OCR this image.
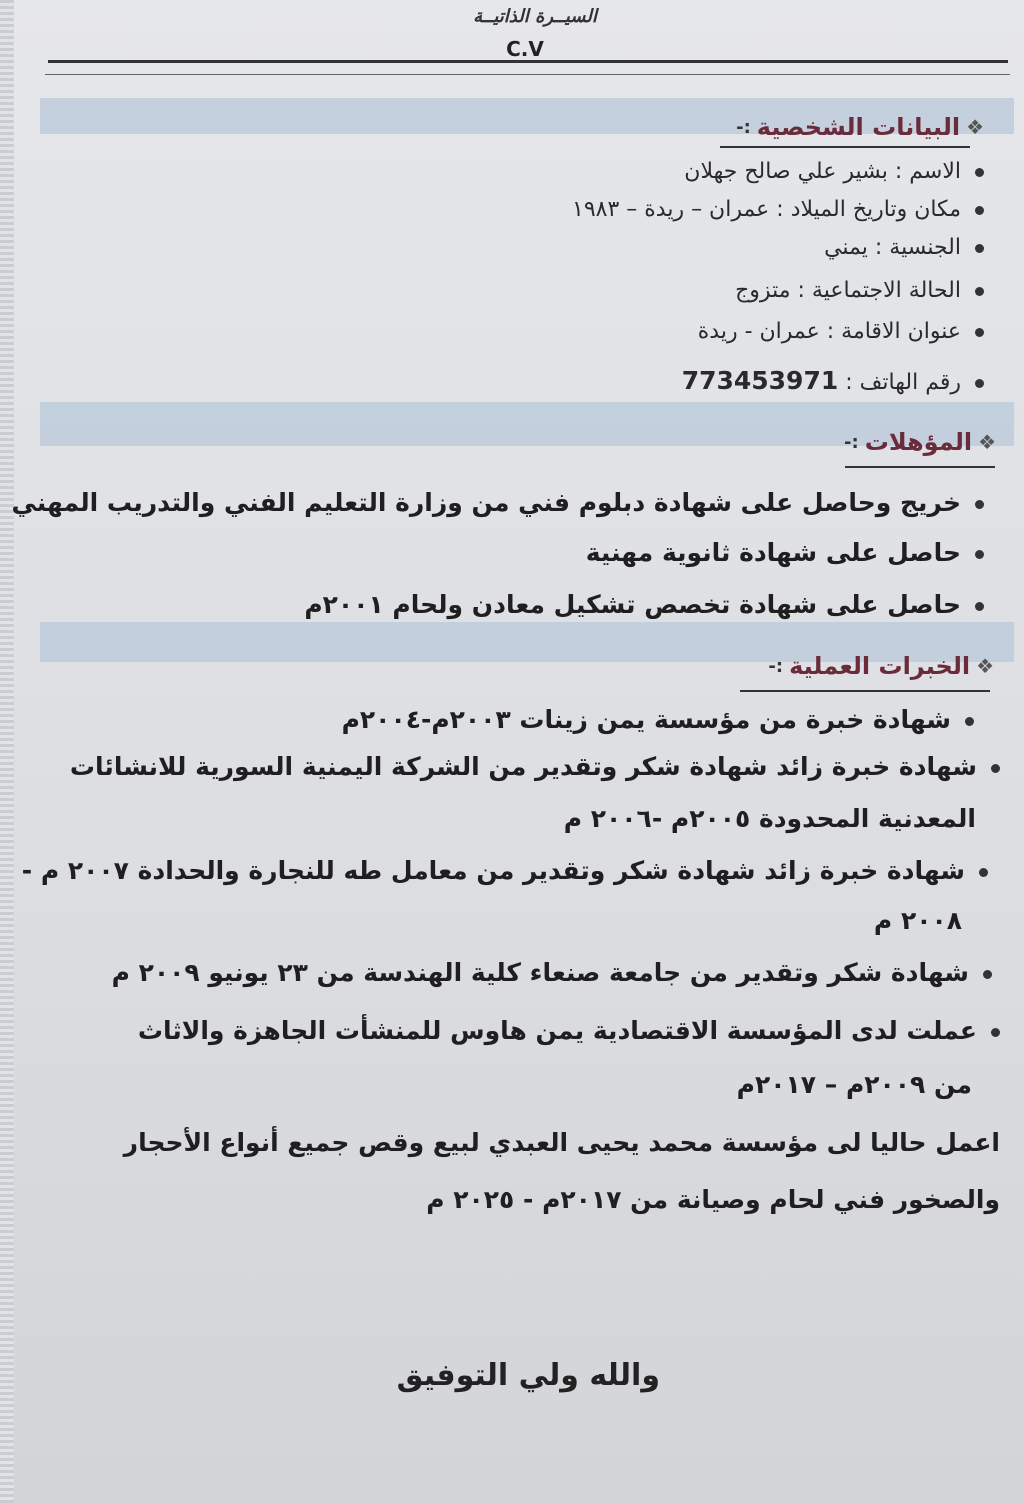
السيــرة الذاتيــة
C.V
❖
البيانات الشخصية
:-
الاسم : بشير علي صالح جهلان
مكان وتاريخ الميلاد : عمران – ريدة – ١٩٨٣
الجنسية : يمني
الحالة الاجتماعية : متزوج
عنوان الاقامة : عمران - ريدة
رقم الهاتف : 773453971
❖
المؤهلات
:-
خريج وحاصل على شهادة دبلوم فني من وزارة التعليم الفني والتدريب المهني
حاصل على شهادة ثانوية مهنية
حاصل على شهادة تخصص تشكيل معادن ولحام ٢٠٠١م
❖
الخبرات العملية
:-
شهادة خبرة من مؤسسة يمن زينات ٢٠٠٣م-٢٠٠٤م
شهادة خبرة زائد شهادة شكر وتقدير من الشركة اليمنية السورية للانشائات
المعدنية المحدودة ٢٠٠٥م -٢٠٠٦ م
شهادة خبرة زائد شهادة شكر وتقدير من معامل طه للنجارة والحدادة ٢٠٠٧ م -
٢٠٠٨ م
شهادة شكر وتقدير من جامعة صنعاء كلية الهندسة من ٢٣ يونيو ٢٠٠٩ م
عملت لدى المؤسسة الاقتصادية يمن هاوس للمنشأت الجاهزة والاثاث
من ٢٠٠٩م – ٢٠١٧م
اعمل حاليا لى مؤسسة محمد يحيى العبدي لبيع وقص جميع أنواع الأحجار
والصخور فني لحام وصيانة من ٢٠١٧م - ٢٠٢٥ م
والله ولي التوفيق
